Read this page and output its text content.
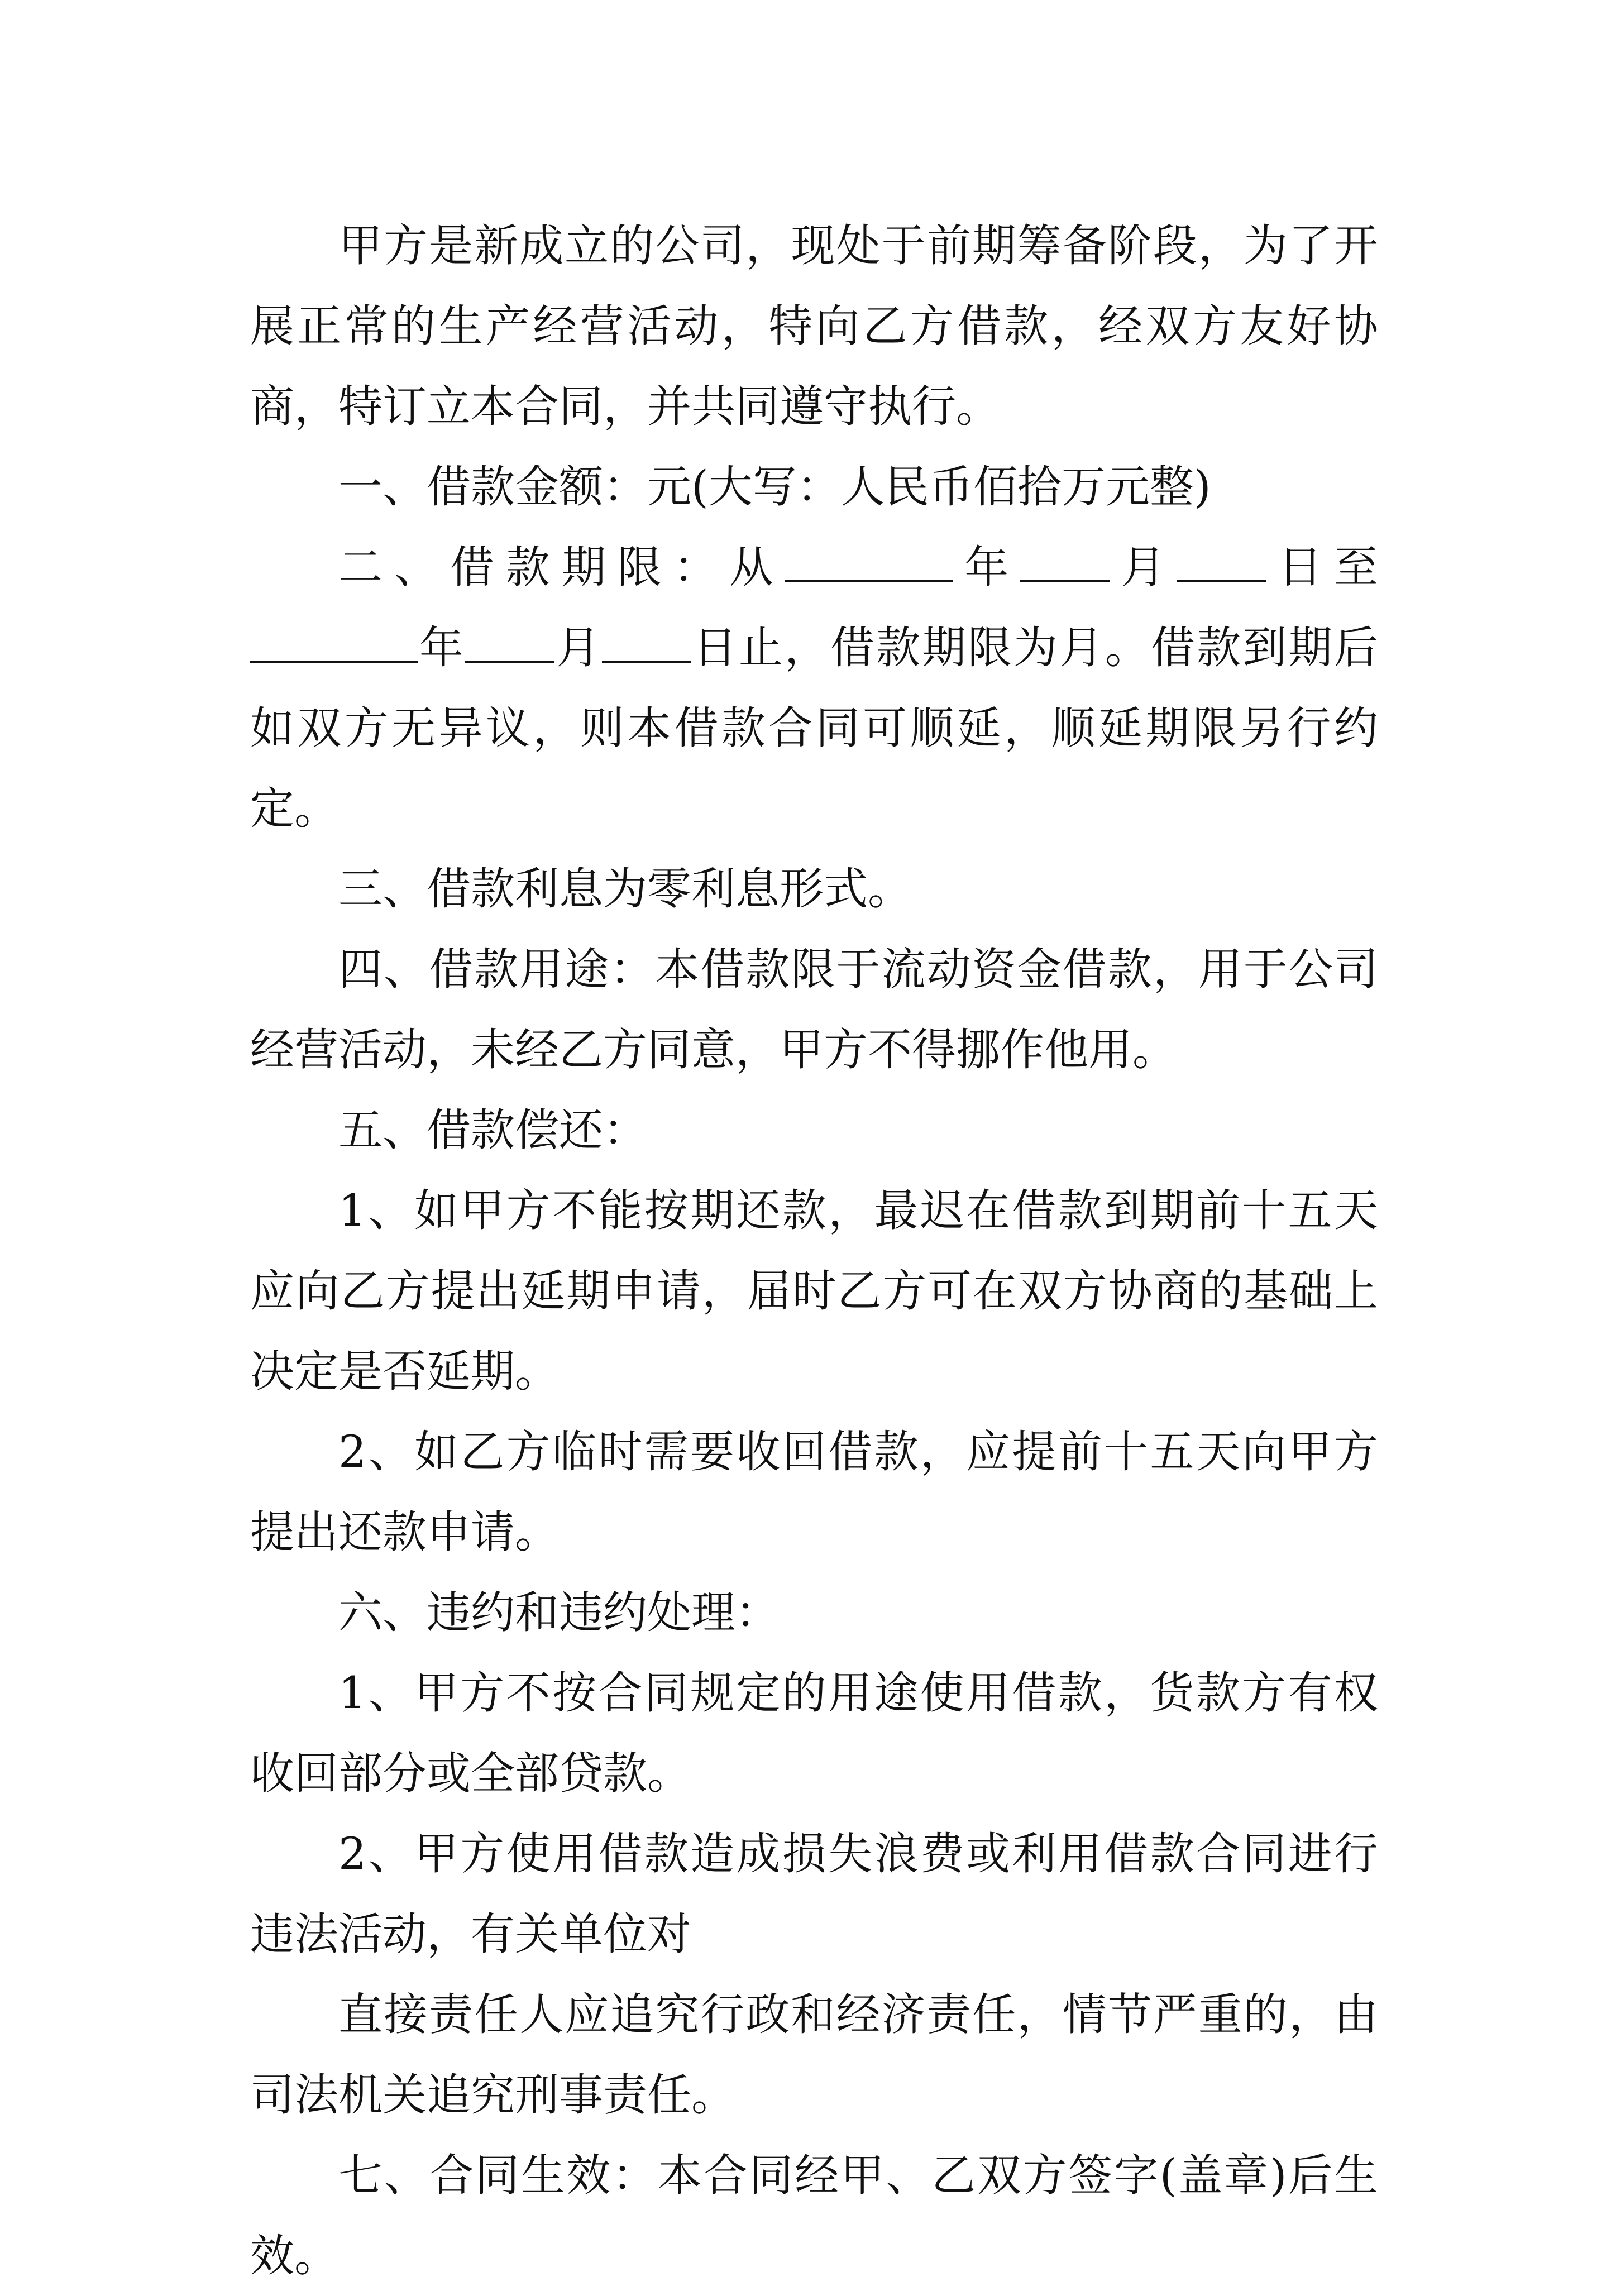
甲方是新成立的公司，现处于前期筹备阶段，为了开展正常的生产经营活动，特向乙方借款，经双方友好协商，特订立本合同，并共同遵守执行。

一、借款金额：元(大写：人民币佰拾万元整)

二、借款期限：从	年 月 日至年 月 日止，借款期限为月。借款到期后如双方无异议，则本借款合同可顺延，顺延期限另行约定。

三、借款利息为零利息形式。

四、借款用途：本借款限于流动资金借款，用于公司经营活动，未经乙方同意，甲方不得挪作他用。

五、借款偿还：

1、如甲方不能按期还款，最迟在借款到期前十五天应向乙方提出延期申请，届时乙方可在双方协商的基础上决定是否延期。

2、如乙方临时需要收回借款，应提前十五天向甲方提出还款申请。

六、违约和违约处理：

1、甲方不按合同规定的用途使用借款，货款方有权收回部分或全部贷款。

2、甲方使用借款造成损失浪费或利用借款合同进行违法活动，有关单位对

直接责任人应追究行政和经济责任，情节严重的，由司法机关追究刑事责任。

七、合同生效：本合同经甲、乙双方签字(盖章)后生效。
